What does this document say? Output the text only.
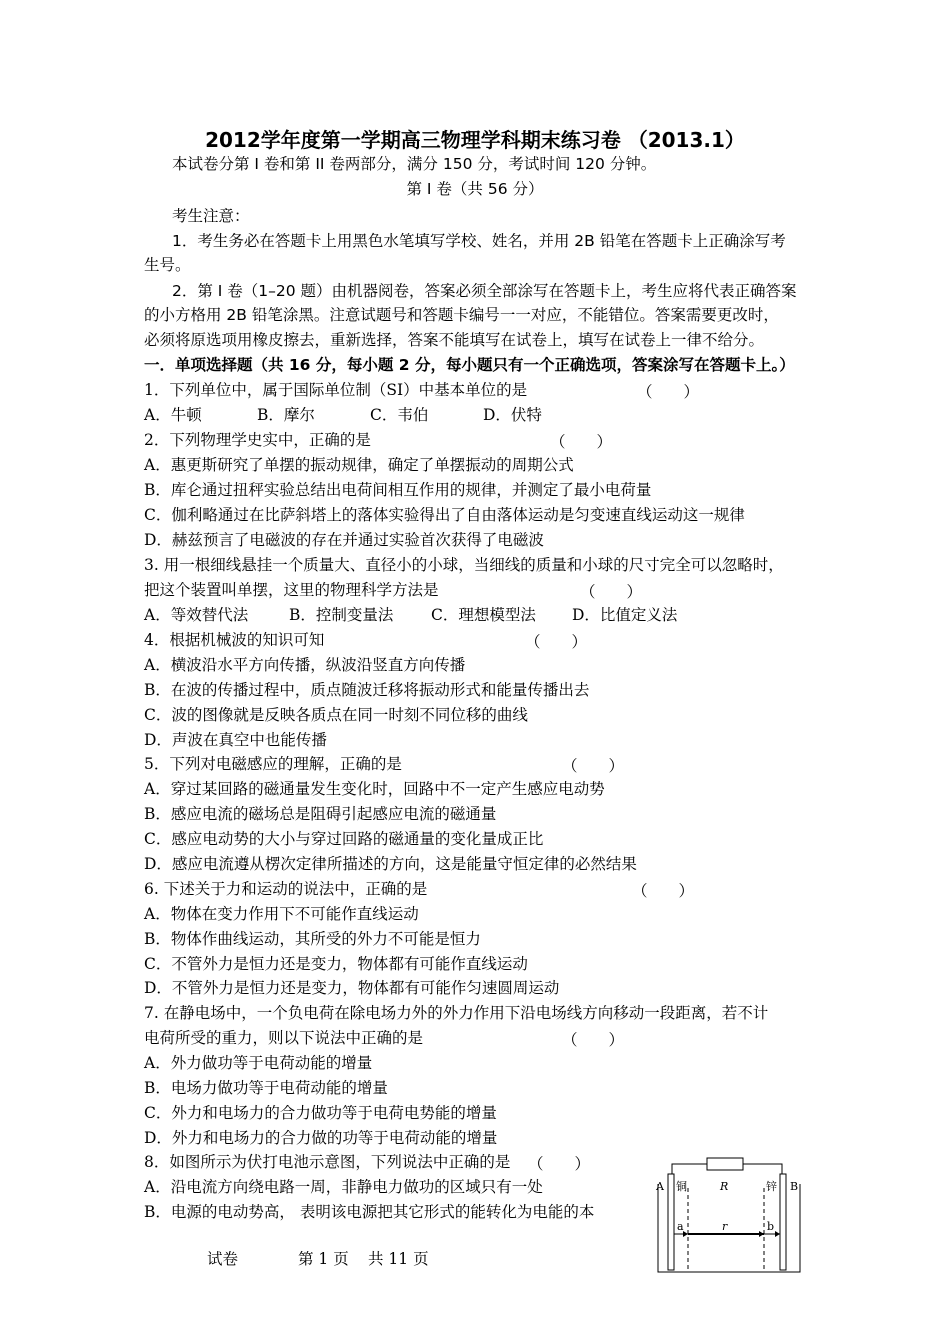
2012学年度第一学期高三物理学科期末练习卷 （2013.1）
本试卷分第 I 卷和第 II 卷两部分，满分 150 分，考试时间 120 分钟。
第 I 卷（共 56 分）
考生注意：
1．考生务必在答题卡上用黑色水笔填写学校、姓名，并用 2B 铅笔在答题卡上正确涂写考
生号。
2．第 I 卷（1–20 题）由机器阅卷，答案必须全部涂写在答题卡上，考生应将代表正确答案
的小方格用 2B 铅笔涂黑。注意试题号和答题卡编号一一对应，不能错位。答案需要更改时，
必须将原选项用橡皮擦去，重新选择，答案不能填写在试卷上，填写在试卷上一律不给分。
一．单项选择题（共 16 分，每小题 2 分，每小题只有一个正确选项，答案涂写在答题卡上。）
1．下列单位中，属于国际单位制（SI）中基本单位的是	（　　）
A．牛顿	B．摩尔	C．韦伯	D．伏特
2．下列物理学史实中，正确的是	（　　）
A．惠更斯研究了单摆的振动规律，确定了单摆振动的周期公式
B．库仑通过扭秤实验总结出电荷间相互作用的规律，并测定了最小电荷量
C．伽利略通过在比萨斜塔上的落体实验得出了自由落体运动是匀变速直线运动这一规律
D．赫兹预言了电磁波的存在并通过实验首次获得了电磁波
3. 用一根细线悬挂一个质量大、直径小的小球，当细线的质量和小球的尺寸完全可以忽略时，
把这个装置叫单摆，这里的物理科学方法是	（　　）
A．等效替代法	B．控制变量法 C．理想模型法 D．比值定义法
4．根据机械波的知识可知	（　　）
A．横波沿水平方向传播，纵波沿竖直方向传播
B．在波的传播过程中，质点随波迁移将振动形式和能量传播出去
C．波的图像就是反映各质点在同一时刻不同位移的曲线
D．声波在真空中也能传播
5．下列对电磁感应的理解，正确的是	（　　）
A．穿过某回路的磁通量发生变化时，回路中不一定产生感应电动势
B．感应电流的磁场总是阻碍引起感应电流的磁通量
C．感应电动势的大小与穿过回路的磁通量的变化量成正比
D．感应电流遵从楞次定律所描述的方向，这是能量守恒定律的必然结果
6. 下述关于力和运动的说法中，正确的是	（　　）
A．物体在变力作用下不可能作直线运动
B．物体作曲线运动，其所受的外力不可能是恒力
C．不管外力是恒力还是变力，物体都有可能作直线运动
D．不管外力是恒力还是变力，物体都有可能作匀速圆周运动
7. 在静电场中，一个负电荷在除电场力外的外力作用下沿电场线方向移动一段距离，若不计
电荷所受的重力，则以下说法中正确的是	（　　）
A．外力做功等于电荷动能的增量
B．电场力做功等于电荷动能的增量
C．外力和电场力的合力做功等于电荷电势能的增量
D．外力和电场力的合力做的功等于电荷动能的增量
8．如图所示为伏打电池示意图，下列说法中正确的是 （　　）
A．沿电流方向绕电路一周，非静电力做功的区域只有一处
B．电源的电动势高， 表明该电源把其它形式的能转化为电能的本
A 铜	R	锌 B
a	r	b
试卷	第 1 页 共 11 页
